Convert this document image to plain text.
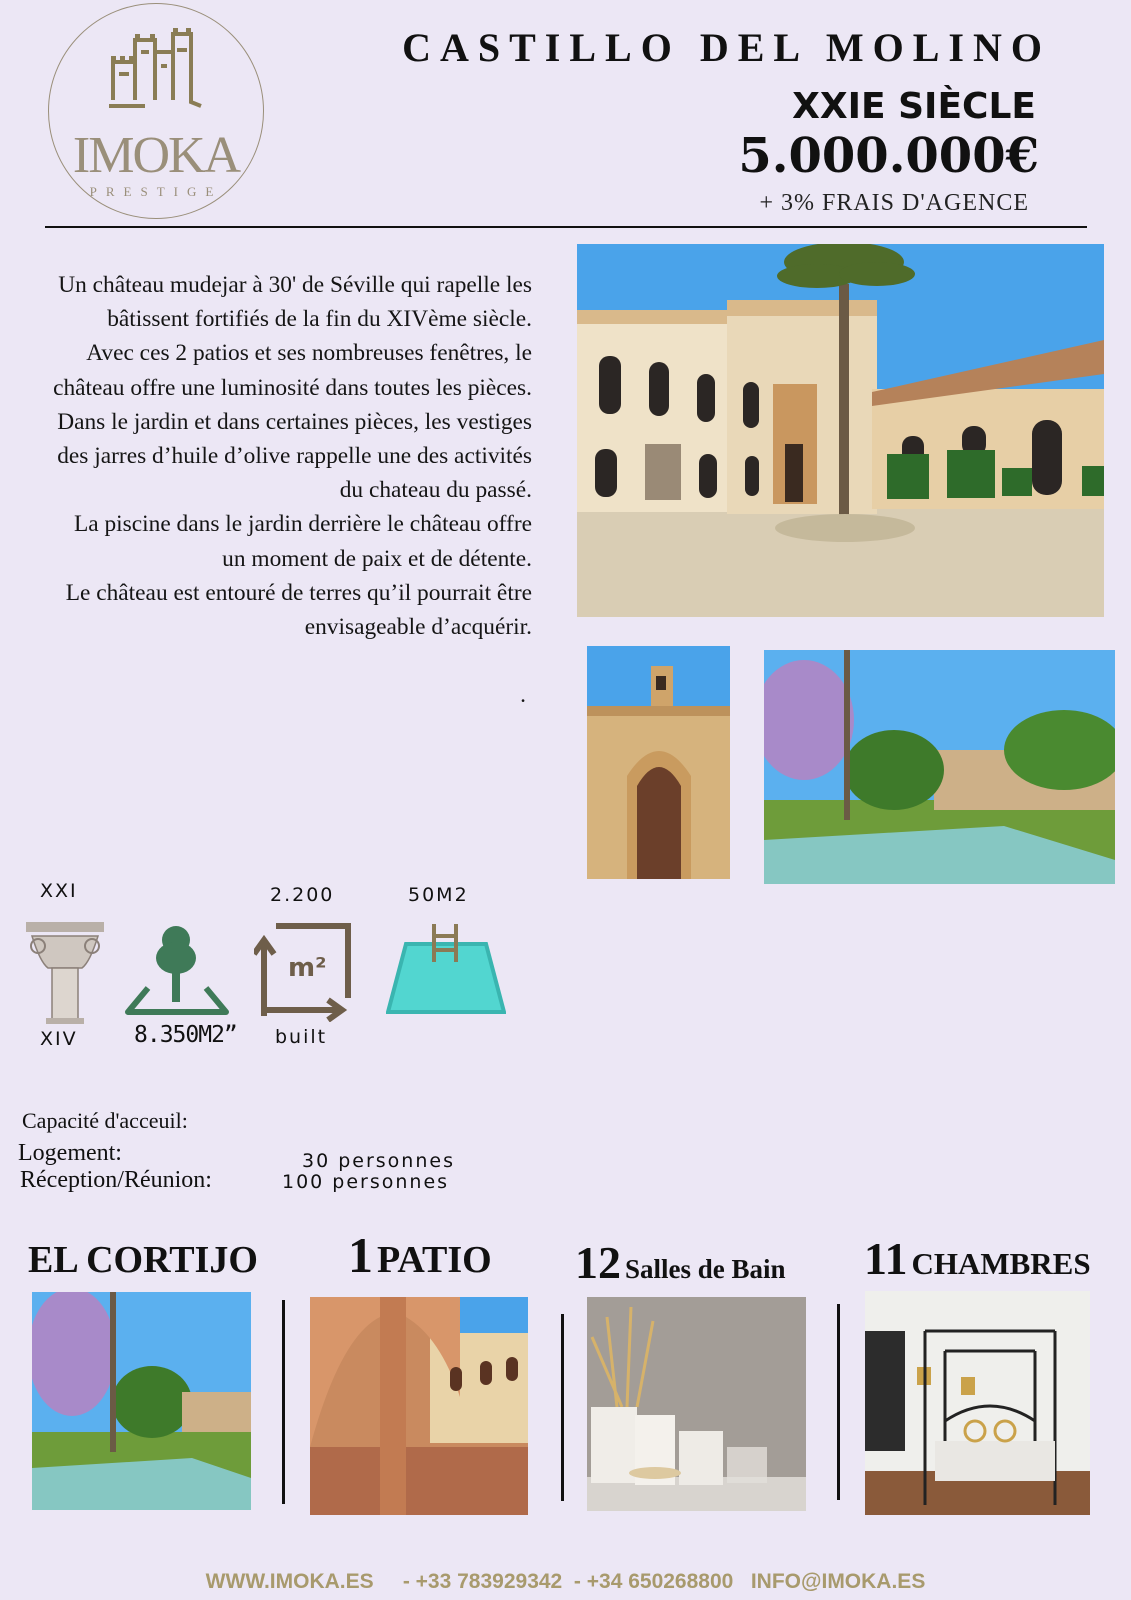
IMOKA
PRESTIGE
CASTILLO DEL MOLINO
XXIE SIÈCLE
5.000.000€
+ 3% FRAIS D'AGENCE

Un château mudejar à 30' de Séville qui rapelle les bâtissent fortifiés de la fin du XIVème siècle.

Avec ces 2 patios et ses nombreuses fenêtres, le château offre une luminosité dans toutes les pièces.

Dans le jardin et dans certaines pièces, les vestiges des jarres d’huile d’olive rappelle une des activités du chateau du passé.

La piscine dans le jardin derrière le château offre un moment de paix et de détente.

Le château est entouré de terres qu’il pourrait être envisageable d’acquérir.

.

XXI
XIV 8.350M2”
2.200
m²
built
50M2
Capacité d'acceuil:
Logement:
Réception/Réunion:
30 personnes
100 personnes
EL CORTIJO 1 PATIO 12 Salles de Bain 11 CHAMBRES
WWW.IMOKA.ES - +33 783929342 - +34 650268800 INFO@IMOKA.ES
